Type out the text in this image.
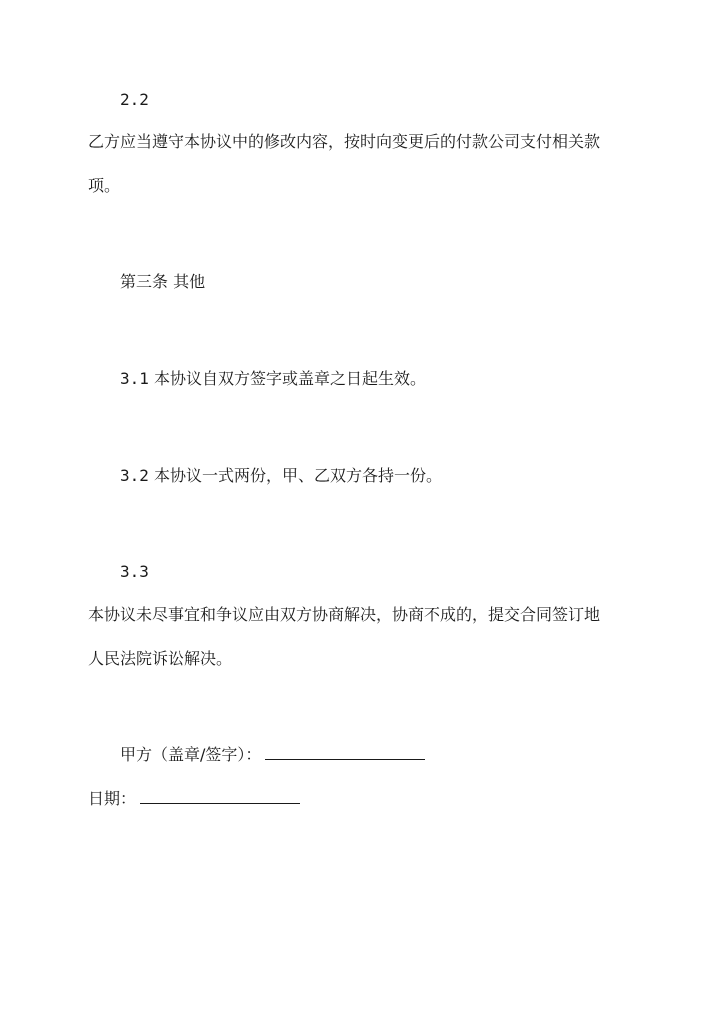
2.2
乙方应当遵守本协议中的修改内容，按时向变更后的付款公司支付相关款
项。
第三条 其他
3.1 本协议自双方签字或盖章之日起生效。
3.2 本协议一式两份，甲、乙双方各持一份。
3.3
本协议未尽事宜和争议应由双方协商解决，协商不成的，提交合同签订地
人民法院诉讼解决。
甲方（盖章/签字）：
日期：
